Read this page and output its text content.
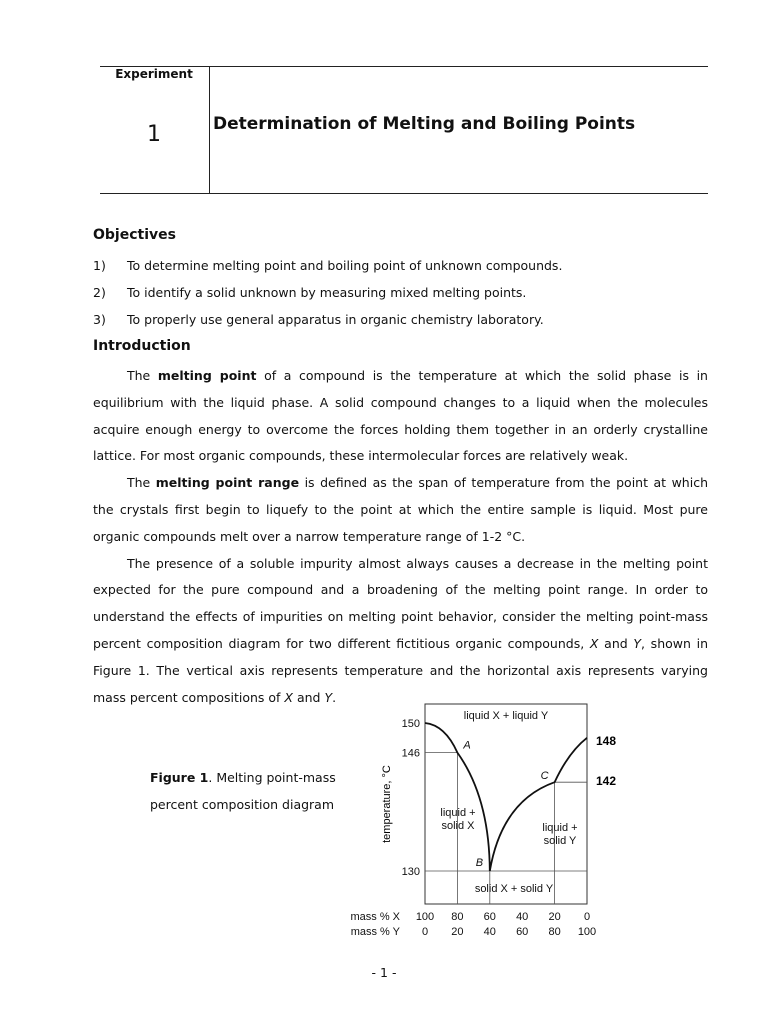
Experiment
1	Determination of Melting and Boiling Points
Objectives
1) To determine melting point and boiling point of unknown compounds.
2) To identify a solid unknown by measuring mixed melting points.
3) To properly use general apparatus in organic chemistry laboratory.
Introduction

The melting point of a compound is the temperature at which the solid phase is in equilibrium with the liquid phase. A solid compound changes to a liquid when the molecules acquire enough energy to overcome the forces holding them together in an orderly crystalline lattice. For most organic compounds, these intermolecular forces are relatively weak.

The melting point range is defined as the span of temperature from the point at which the crystals first begin to liquefy to the point at which the entire sample is liquid. Most pure organic compounds melt over a narrow temperature range of 1-2 °C.

The presence of a soluble impurity almost always causes a decrease in the melting point expected for the pure compound and a broadening of the melting point range. In order to understand the effects of impurities on melting point behavior, consider the melting point-mass percent composition diagram for two different fictitious organic compounds, X and Y, shown in Figure 1. The vertical axis represents temperature and the horizontal axis represents varying mass percent compositions of X and Y.

Figure 1. Melting point-mass
percent composition diagram
150
146
130
mass % X 100 80 60 40 20 0
mass % Y 0 20 40 60 80 100
A
B
C
liquid X + liquid Y
liquid +
solid X	liquid +
solid Y
solid X + solid Y
temperature, °C
148
142
- 1 -
